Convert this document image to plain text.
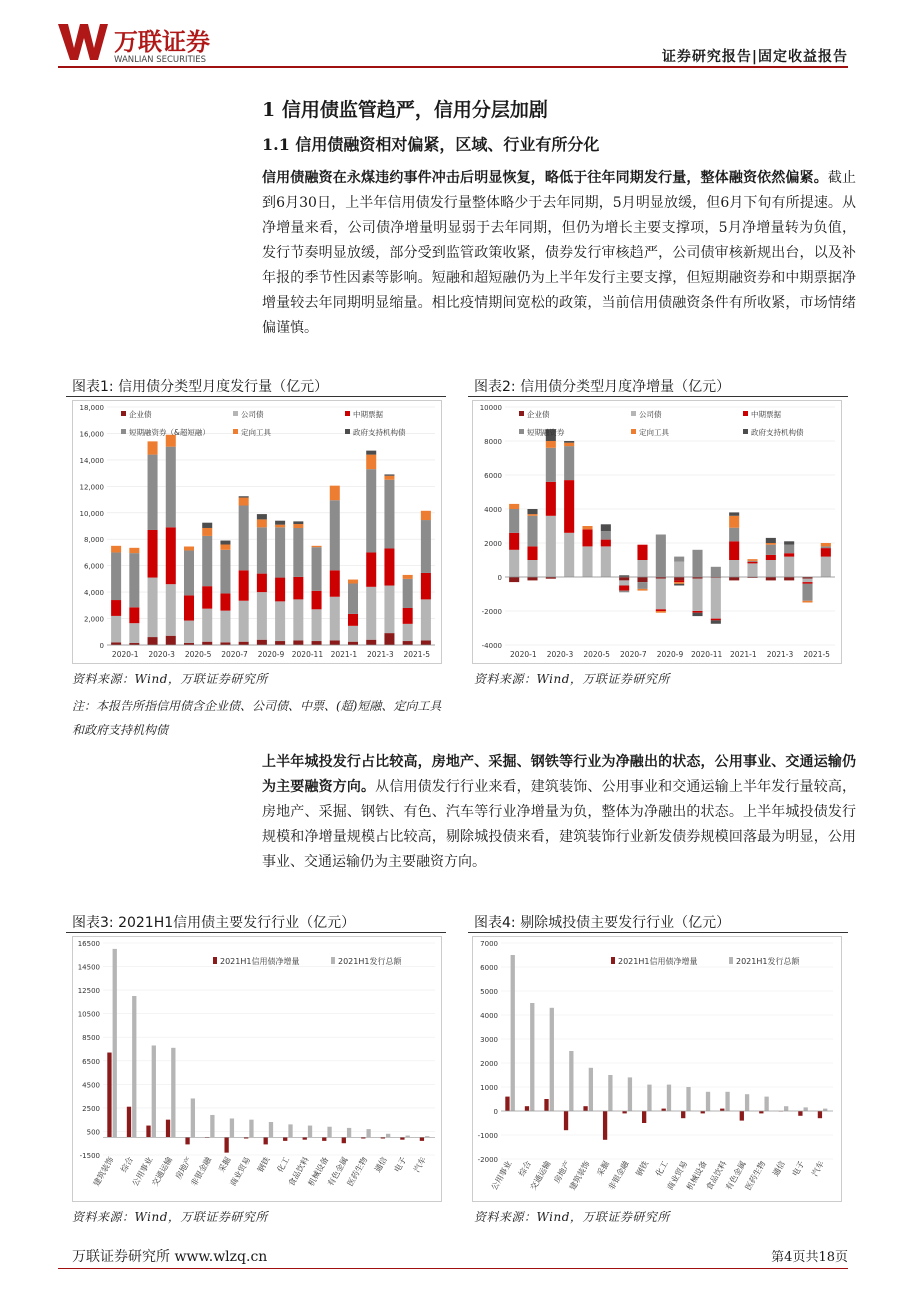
万联证券
WANLIAN SECURITIES	证券研究报告|固定收益报告
1 信用债监管趋严，信用分层加剧
1.1 信用债融资相对偏紧，区域、行业有所分化
信用债融资在永煤违约事件冲击后明显恢复，略低于往年同期发行量，整体融资依然偏紧。截止到6月30日，上半年信用债发行量整体略少于去年同期，5月明显放缓，但6月下旬有所提速。从净增量来看，公司债净增量明显弱于去年同期，但仍为增长主要支撑项，5月净增量转为负值，发行节奏明显放缓，部分受到监管政策收紧，债券发行审核趋严，公司债审核新规出台，以及补年报的季节性因素等影响。短融和超短融仍为上半年发行主要支撑，但短期融资券和中期票据净增量较去年同期明显缩量。相比疫情期间宽松的政策，当前信用债融资条件有所收紧，市场情绪偏谨慎。
图表1: 信用债分类型月度发行量（亿元）	图表2: 信用债分类型月度净增量（亿元）
0
2,000
4,000
6,000
8,000
10,000
12,000
14,000
16,000
18,000
2020-1 2020-3 2020-5 2020-7 2020-9 2020-11 2021-1 2021-3 2021-5
企业债	公司债	中期票据
短期融资券（&超短融）	定向工具	政府支持机构债
-4000
-2000
0
2000
4000
6000
8000
10000
2020-1 2020-3 2020-5 2020-7 2020-9 2020-11 2021-1 2021-3 2021-5
企业债	公司债	中期票据
短期融资券	定向工具	政府支持机构债
资料来源：Wind，万联证券研究所	资料来源：Wind，万联证券研究所
注：本报告所指信用债含企业债、公司债、中票、(超)短融、定向工具和政府支持机构债
上半年城投发行占比较高，房地产、采掘、钢铁等行业为净融出的状态，公用事业、交通运输仍为主要融资方向。从信用债发行行业来看，建筑装饰、公用事业和交通运输上半年发行量较高，房地产、采掘、钢铁、有色、汽车等行业净增量为负，整体为净融出的状态。上半年城投债发行规模和净增量规模占比较高，剔除城投债来看，建筑装饰行业新发债券规模回落最为明显，公用事业、交通运输仍为主要融资方向。
图表3: 2021H1信用债主要发行行业（亿元）	图表4: 剔除城投债主要发行行业（亿元）
-1500
500
2500
4500
6500
8500
10500
12500
14500
16500
建筑装饰 综合
公用事业
交通运输 房地产
非银金融 采掘
商业贸易 钢铁 化工
食品饮料
机械设备
有色金属
医药生物 通信 电子 汽车
2021H1信用债净增量	2021H1发行总额
-2000
-1000
0
1000
2000
3000
4000
5000
6000
7000
公用事业 综合
交通运输 房地产
建筑装饰 采掘
非银金融 钢铁 化工
商业贸易
机械设备
食品饮料
有色金属
医药生物 通信 电子 汽车
2021H1信用债净增量	2021H1发行总额
资料来源：Wind，万联证券研究所	资料来源：Wind，万联证券研究所
万联证券研究所 www.wlzq.cn	第4页共18页
